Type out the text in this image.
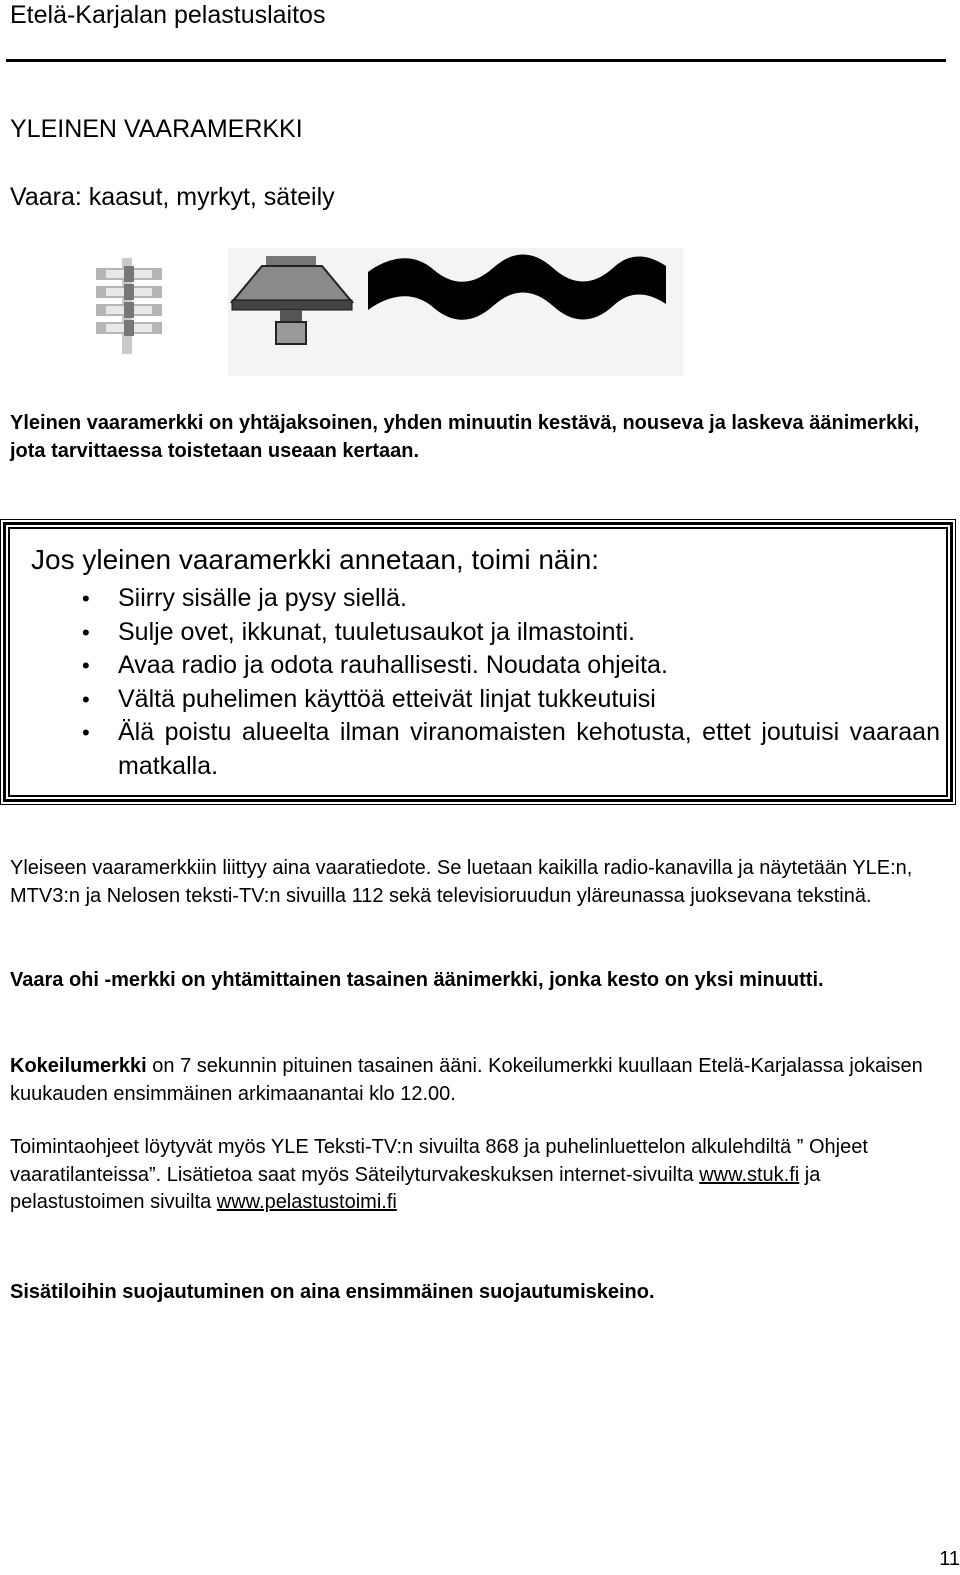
Etelä-Karjalan pelastuslaitos
YLEINEN VAARAMERKKI
Vaara: kaasut, myrkyt, säteily
Yleinen vaaramerkki on yhtäjaksoinen, yhden minuutin kestävä, nouseva ja laskeva äänimerkki, jota tarvittaessa toistetaan useaan kertaan.
Jos yleinen vaaramerkki annetaan, toimi näin:
• Siirry sisälle ja pysy siellä.
• Sulje ovet, ikkunat, tuuletusaukot ja ilmastointi.
• Avaa radio ja odota rauhallisesti. Noudata ohjeita.
• Vältä puhelimen käyttöä etteivät linjat tukkeutuisi
• Älä poistu alueelta ilman viranomaisten kehotusta, ettet joutuisi vaaraan matkalla.
Yleiseen vaaramerkkiin liittyy aina vaaratiedote. Se luetaan kaikilla radio-kanavilla ja näytetään YLE:n, MTV3:n ja Nelosen teksti-TV:n sivuilla 112 sekä televisioruudun yläreunassa juoksevana tekstinä.
Vaara ohi -merkki on yhtämittainen tasainen äänimerkki, jonka kesto on yksi minuutti.
Kokeilumerkki on 7 sekunnin pituinen tasainen ääni. Kokeilumerkki kuullaan Etelä-Karjalassa jokaisen kuukauden ensimmäinen arkimaanantai klo 12.00.
Toimintaohjeet löytyvät myös YLE Teksti-TV:n sivuilta 868 ja puhelinluettelon alkulehdiltä ” Ohjeet vaaratilanteissa”. Lisätietoa saat myös Säteilyturvakeskuksen internet-sivuilta www.stuk.fi ja pelastustoimen sivuilta www.pelastustoimi.fi
Sisätiloihin suojautuminen on aina ensimmäinen suojautumiskeino.
11
